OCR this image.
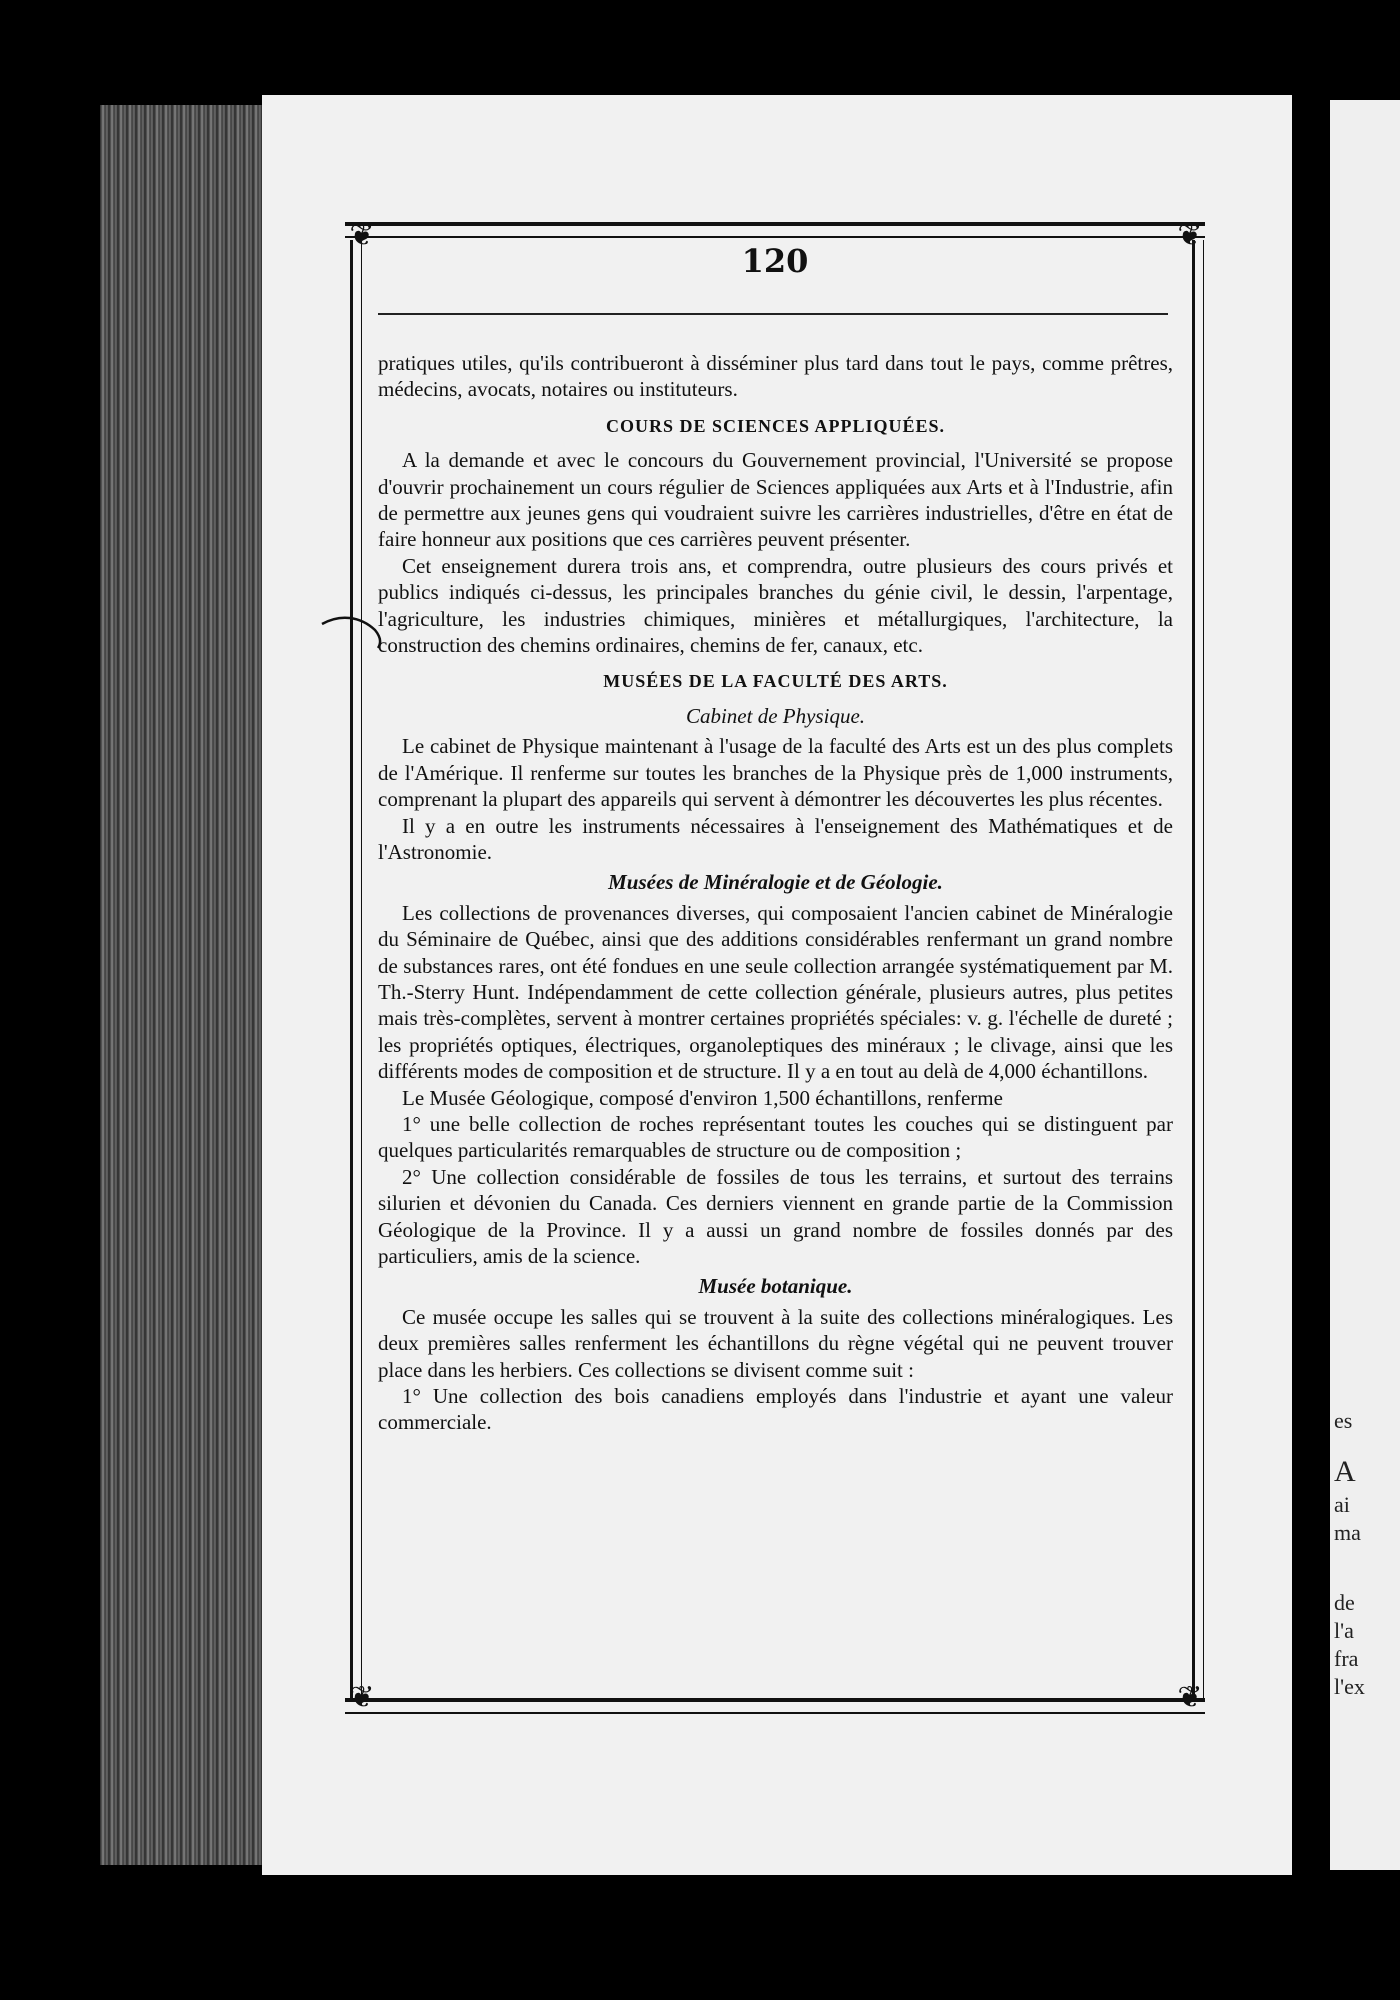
es
A
ai
ma
de
l'a
fra
l'ex
❦	❦
❦	❦
120

pratiques utiles, qu'ils contribueront à disséminer plus tard dans tout le pays, comme prêtres, médecins, avocats, notaires ou instituteurs.

COURS DE SCIENCES APPLIQUÉES.

A la demande et avec le concours du Gouvernement provincial, l'Université se propose d'ouvrir prochainement un cours régulier de Sciences appliquées aux Arts et à l'Industrie, afin de permettre aux jeunes gens qui voudraient suivre les carrières industrielles, d'être en état de faire honneur aux positions que ces carrières peuvent présenter.

Cet enseignement durera trois ans, et comprendra, outre plusieurs des cours privés et publics indiqués ci-dessus, les principales branches du génie civil, le dessin, l'arpentage, l'agriculture, les industries chimiques, minières et métallurgiques, l'architecture, la construction des chemins ordinaires, chemins de fer, canaux, etc.

MUSÉES DE LA FACULTÉ DES ARTS.
Cabinet de Physique.

Le cabinet de Physique maintenant à l'usage de la faculté des Arts est un des plus complets de l'Amérique. Il renferme sur toutes les branches de la Physique près de 1,000 instruments, comprenant la plupart des appareils qui servent à démontrer les découvertes les plus récentes.

Il y a en outre les instruments nécessaires à l'enseignement des Mathématiques et de l'Astronomie.

Musées de Minéralogie et de Géologie.

Les collections de provenances diverses, qui composaient l'ancien cabinet de Minéralogie du Séminaire de Québec, ainsi que des additions considérables renfermant un grand nombre de substances rares, ont été fondues en une seule collection arrangée systématiquement par M. Th.-Sterry Hunt. Indépendamment de cette collection générale, plusieurs autres, plus petites mais très-complètes, servent à montrer certaines propriétés spéciales: v. g. l'échelle de dureté ; les propriétés optiques, électriques, organoleptiques des minéraux ; le clivage, ainsi que les différents modes de composition et de structure. Il y a en tout au delà de 4,000 échantillons.

Le Musée Géologique, composé d'environ 1,500 échantillons, renferme

1° une belle collection de roches représentant toutes les couches qui se distinguent par quelques particularités remarquables de structure ou de composition ;

2° Une collection considérable de fossiles de tous les terrains, et surtout des terrains silurien et dévonien du Canada. Ces derniers viennent en grande partie de la Commission Géologique de la Province. Il y a aussi un grand nombre de fossiles donnés par des particuliers, amis de la science.

Musée botanique.

Ce musée occupe les salles qui se trouvent à la suite des collections minéralogiques. Les deux premières salles renferment les échantillons du règne végétal qui ne peuvent trouver place dans les herbiers. Ces collections se divisent comme suit :

1° Une collection des bois canadiens employés dans l'industrie et ayant une valeur commerciale.
